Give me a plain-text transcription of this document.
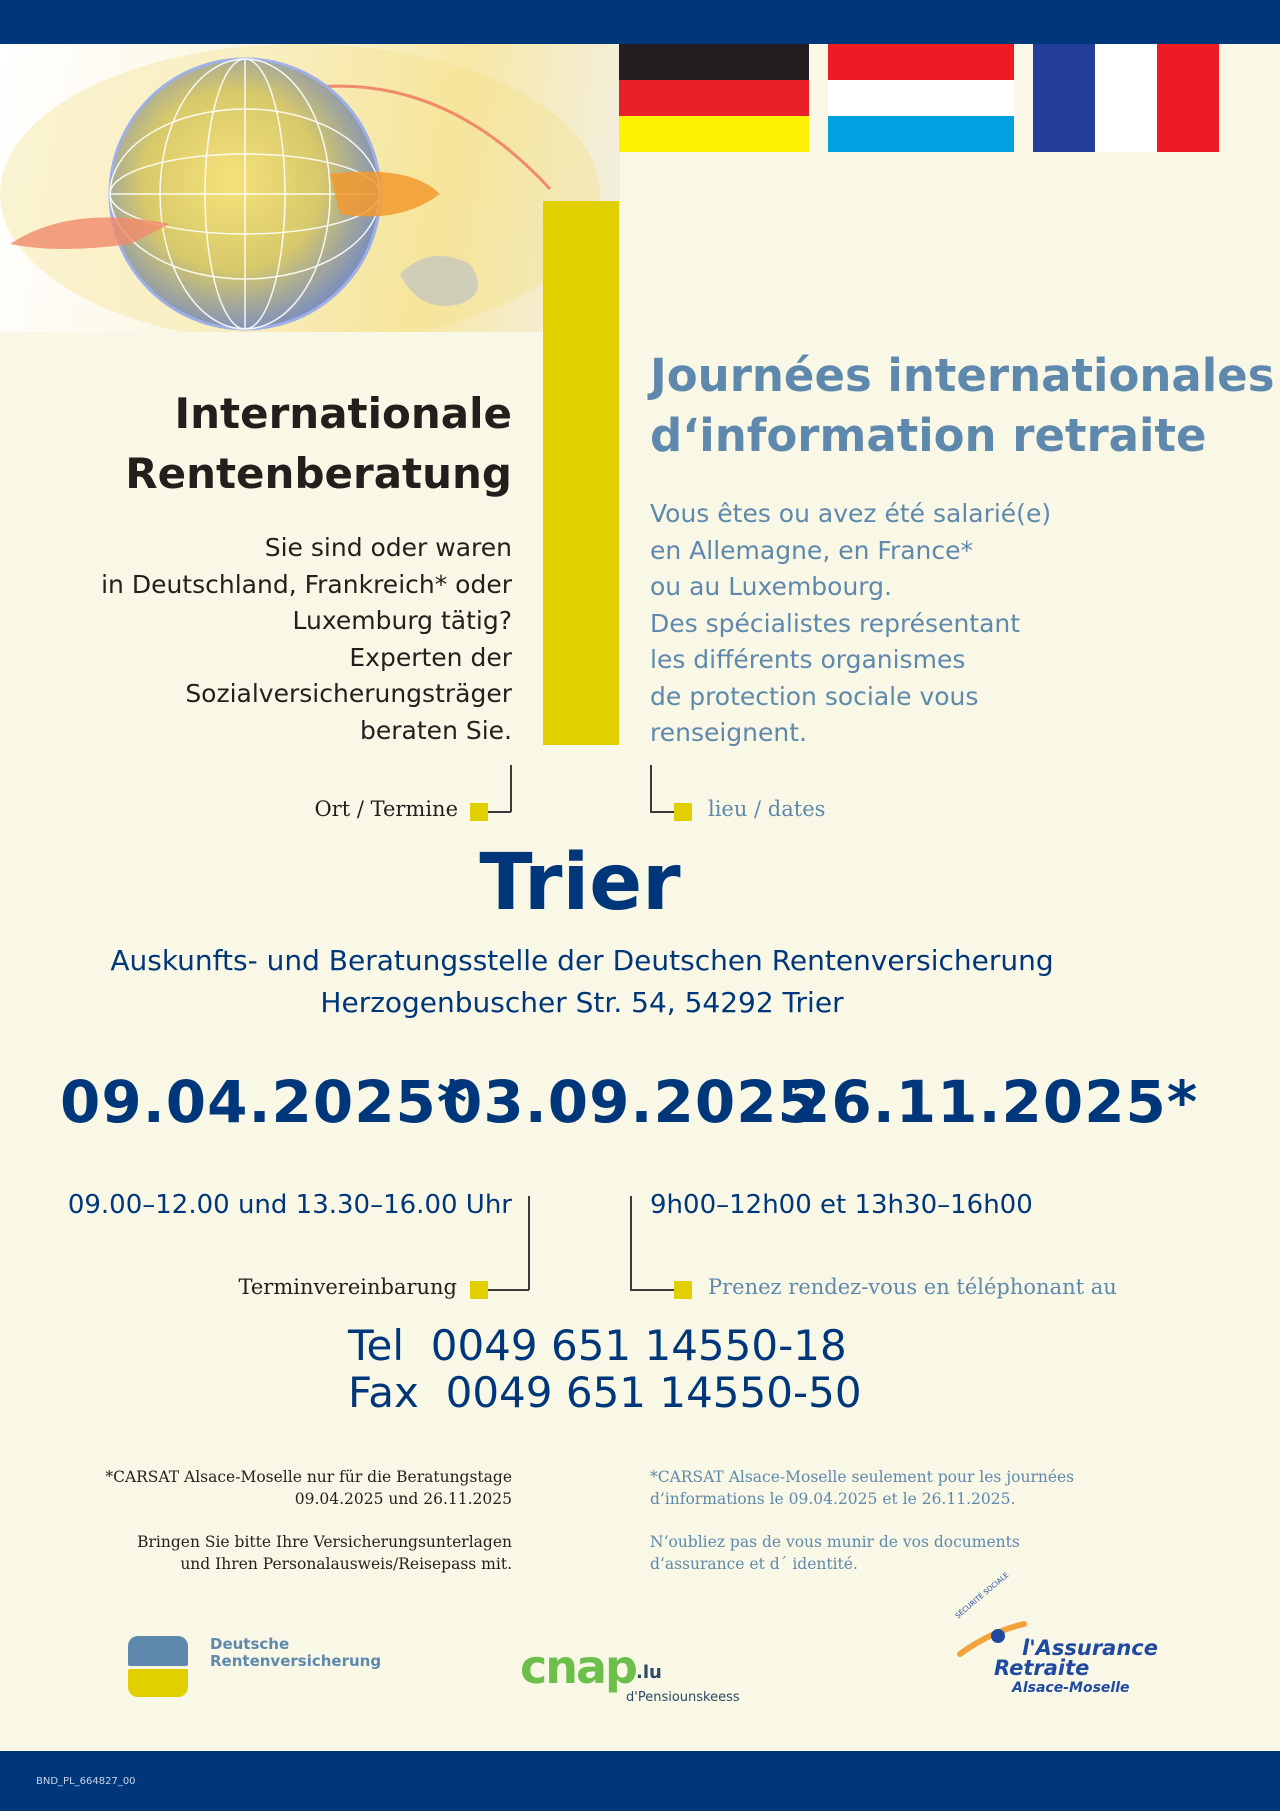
Internationale
Rentenberatung
Sie sind oder waren
in Deutschland, Frankreich* oder
Luxemburg tätig?
Experten der
Sozialversicherungsträger
beraten Sie.
Journées internationales
d‘information retraite
Vous êtes ou avez été salarié(e)
en Allemagne, en France*
ou au Luxembourg.
Des spécialistes représentant
les différents organismes
de protection sociale vous
renseignent.
Ort / Termine	lieu / dates
Trier
Auskunfts- und Beratungsstelle der Deutschen Rentenversicherung
Herzogenbuscher Str. 54, 54292 Trier
09.04.2025*
03.09.2025
26.11.2025*
09.00–12.00 und 13.30–16.00 Uhr	9h00–12h00 et 13h30–16h00
Terminvereinbarung	Prenez rendez-vous en téléphonant au
Tel 0049 651 14550-18
Fax 0049 651 14550-50
*CARSAT Alsace-Moselle nur für die Beratungstage
09.04.2025 und 26.11.2025
Bringen Sie bitte Ihre Versicherungsunterlagen
und Ihren Personalausweis/Reisepass mit.
*CARSAT Alsace-Moselle seulement pour les journées
d’informations le 09.04.2025 et le 26.11.2025.
N‘oubliez pas de vous munir de vos documents
d‘assurance et d´ identité.
Deutsche
Rentenversicherung	cnap .lu
d'Pensiounskeess
SÉCURITÉ SOCIALE
l'Assurance
Retraite
Alsace-Moselle
BND_PL_664827_00
